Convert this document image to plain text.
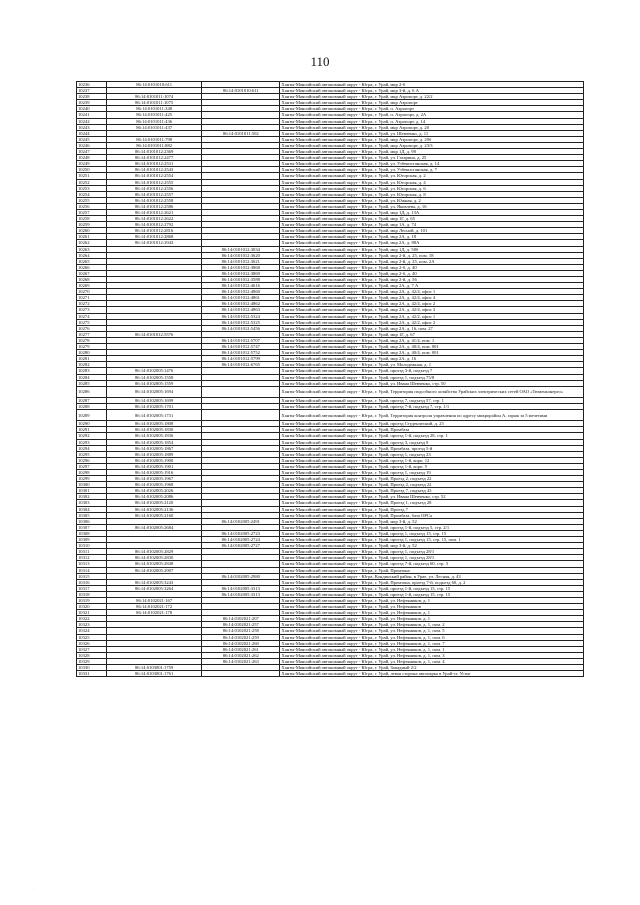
110
10236	86:14:0101010:611		Ханты-Мансийский автономный округ - Югра, г. Урай, мкр 2-б
10237		86:14:0101010:611	Ханты-Мансийский автономный округ - Югра, г. Урай, мкр 3-й, д. 6 А
10238	86:14:0101011:1074		Ханты-Мансийский автономный округ - Югра, г. Урай, мкр Аэропорт, д. 22/2
10239	86:14:0101011:1075		Ханты-Мансийский автономный округ - Югра, г. Урай, мкр Аэропорт
10240	86:14:0101011:348		Ханты-Мансийский автономный округ - Югра, г. Урай, п. Аэропорт
10241	86:14:0101011:425		Ханты-Мансийский автономный округ - Югра, г. Урай, п. Аэропорт, д. 2А
10242	86:14:0101011:436		Ханты-Мансийский автономный округ - Югра, г. Урай, п. Аэропорт, д. 14
10243	86:14:0101011:437		Ханты-Мансийский автономный округ - Югра, г. Урай, мкр Аэропорт, д. 20
10244		86:14:0101011:502	Ханты-Мансийский автономный округ - Югра, г. Урай, ул. Шевченко, д. 11
10245	86:14:0101011:798		Ханты-Мансийский автономный округ - Югра, г. Урай, мкр Аэропорт, д. 29б
10246	86:14:0101011:882		Ханты-Мансийский автономный округ - Югра, г. Урай, мкр Аэропорт, д. 23/3
10247	86:14:0101012:2369		Ханты-Мансийский автономный округ - Югра, г. Урай, мкр 1Д, д. 98
10248	86:14:0101012:2477		Ханты-Мансийский автономный округ - Югра, г. Урай, ул. Гагарина, д. 25
10249	86:14:0101012:2531		Ханты-Мансийский автономный округ - Югра, г. Урай, ул. Узбекистанская, д. 14
10250	86:14:0101012:2543		Ханты-Мансийский автономный округ - Югра, г. Урай, ул. Узбекистанская, д. 7
10251	86:14:0101012:2554		Ханты-Мансийский автономный округ - Югра, г. Урай, ул. Югорская, д. 2
10252	86:14:0101012:2555		Ханты-Мансийский автономный округ - Югра, г. Урай, ул. Югорская, д. 4
10253	86:14:0101012:2556		Ханты-Мансийский автономный округ - Югра, г. Урай, ул. Югорская, д. 6
10254	86:14:0101012:2557		Ханты-Мансийский автономный округ - Югра, г. Урай, ул. Югорская, д. 8
10255	86:14:0101012:2558		Ханты-Мансийский автономный округ - Югра, г. Урай, ул. Южная, д. 2
10256	86:14:0101012:2586		Ханты-Мансийский автономный округ - Югра, г. Урай, ул. Яковлева, д. 16
10257	86:14:0101012:2621		Ханты-Мансийский автономный округ - Югра, г. Урай, мкр 1Д, д. 13А
10258	86:14:0101012:2622		Ханты-Мансийский автономный округ - Югра, г. Урай, мкр 1Г, д. 65
10259	86:14:0101012:2792		Ханты-Мансийский автономный округ - Югра, г. Урай, мкр 1А, д. 74
10260	86:14:0101012:2816		Ханты-Мансийский автономный округ - Югра, г. Урай, мкр Лесной, д. 101
10261	86:14:0101012:2868		Ханты-Мансийский автономный округ - Югра, г. Урай, мкр 2А, д. 18
10262	86:14:0101012:2943		Ханты-Мансийский автономный округ - Югра, г. Урай, мкр 2А, д. 88А
10263		86:14:0101012:3034	Ханты-Мансийский автономный округ - Югра, г. Урай, мкр 1Д, д. 58б
10264		86:14:0101012:3620	Ханты-Мансийский автономный округ - Югра, г. Урай, мкр 2-й, д. 25, пом. 18
10265		86:14:0101012:3621	Ханты-Мансийский автономный округ - Югра, г. Урай, мкр 2-й, д. 25, пом. 2А
10266		86:14:0101012:3868	Ханты-Мансийский автономный округ - Югра, г. Урай, мкр 2-б, д. 40
10267		86:14:0101012:3869	Ханты-Мансийский автономный округ - Югра, г. Урай, мкр 2-б, д. 40
10268		86:14:0101012:3588	Ханты-Мансийский автономный округ - Югра, г. Урай, мкр 2-й, д. 56
10269		86:14:0101012:4616	Ханты-Мансийский автономный округ - Югра, г. Урай, мкр 2А, д. 7 А
10270		86:14:0101012:4860	Ханты-Мансийский автономный округ - Югра, г. Урай, мкр 2А, д. 42/4, офис 1
10271		86:14:0101012:4861	Ханты-Мансийский автономный округ - Югра, г. Урай, мкр 2А, д. 42/4, офис 4
10272		86:14:0101012:4862	Ханты-Мансийский автономный округ - Югра, г. Урай, мкр 2А, д. 42/4, офис 2
10273		86:14:0101012:4863	Ханты-Мансийский автономный округ - Югра, г. Урай, мкр 2А, д. 42/4, офис 3
10274		86:14:0101012:5324	Ханты-Мансийский автономный округ - Югра, г. Урай, мкр 2А, д. 42/2, офис 1
10275		86:14:0101012:5325	Ханты-Мансийский автономный округ - Югра, г. Урай, мкр 2А, д. 42/2, офис 2
10276		86:14:0101012:5456	Ханты-Мансийский автономный округ - Югра, г. Урай, мкр 2А, д. 16, пом. 27
10277	86:14:0101012:5576		Ханты-Мансийский автономный округ - Югра, г. Урай, мкр 1Г, д. 67
10278		86:14:0101012:5707	Ханты-Мансийский автономный округ - Югра, г. Урай, мкр 2А, д. 41/4, пом. 1
10279		86:14:0101012:5747	Ханты-Мансийский автономный округ - Югра, г. Урай, мкр 2А, д. 40/4, пом. 001
10280		86:14:0101012:5752	Ханты-Мансийский автономный округ - Югра, г. Урай, мкр 2А, д. 40/4, пом. 001
10281		86:14:0101012:5799	Ханты-Мансийский автономный округ - Югра, г. Урай, мкр 2А, д. 16
10282		86:14:0101012:6765	Ханты-Мансийский автономный округ - Югра, г. Урай, ул. Молодежная, д. 1
10283	86:14:0102005:1476		Ханты-Мансийский автономный округ - Югра, г. Урай, проезд 3-й, подъезд 7
10284	86:14:0102005:1558		Ханты-Мансийский автономный округ - Югра, г. Урай, проезд 1, подъезд 75/8
10285	86:14:0102005:1559		Ханты-Мансийский автономный округ - Югра, г. Урай, ул. Ивана Шевченко, стр. 50
10286	86:14:0102005:1694		Ханты-Мансийский автономный округ - Югра, г. Урай, Территория подсобного хозяйства Урайских электрических сетей ОАО «Тюменьэнерго»
10287	86:14:0102005:1699		Ханты-Мансийский автономный округ - Югра, г. Урай, проезд 7, подъезд 57, стр. 1
10288	86:14:0102005:1701		Ханты-Мансийский автономный округ - Югра, г. Урай, проезд 7-й, подъезд 7, стр. 1/1
10289	86:14:0102005:1731		Ханты-Мансийский автономный округ - Югра, г. Урай, Территория контроля управления по адресу микрорайон А, гараж за 5 мечетями
10290	86:14:0102005:1808		Ханты-Мансийский автономный округ - Югра, г. Урай, проезд Студенческий, д. 25
10291	86:14:0102005:1830		Ханты-Мансийский автономный округ - Югра, г. Урай, Промбаза
10292	86:14:0102005:1836		Ханты-Мансийский автономный округ - Югра, г. Урай, проезд 1-й, подъезд 28, стр. 1
10293	86:14:0102005:1854		Ханты-Мансийский автономный округ - Югра, г. Урай, проезд 3, подъезд 9
10294	86:14:0102005:1867		Ханты-Мансийский автономный округ - Югра, г. Урай, Промбаза, проезд 5-й
10295	86:14:0102005:1889		Ханты-Мансийский автономный округ - Югра, г. Урай, проезд 1, подъезд 23
10296	86:14:0102005:1900		Ханты-Мансийский автономный округ - Югра, г. Урай, проезд 1-й, корп. 12
10297	86:14:0102005:1901		Ханты-Мансийский автономный округ - Югра, г. Урай, проезд 1-й, корп. 5
10298	86:14:0102005:1916		Ханты-Мансийский автономный округ - Югра, г. Урай, проезд 1, подъезд 19
10299	86:14:0102005:1967		Ханты-Мансийский автономный округ - Югра, г. Урай, Проезд 2, подъезд 22
10300	86:14:0102005:1968		Ханты-Мансийский автономный округ - Югра, г. Урай, Проезд 2, подъезд 22
10301	86:14:0102005:2026		Ханты-Мансийский автономный округ - Югра, г. Урай, Проезд 7, подъезд 43
10302	86:14:0102005:2086		Ханты-Мансийский автономный округ - Югра, г. Урай, ул. Ивана Шевченко, стр. 52
10303	86:14:0102005:2120		Ханты-Мансийский автономный округ - Югра, г. Урай, Проезд 1, подъезд 28
10304	86:14:0102005:2136		Ханты-Мансийский автономный округ - Югра, г. Урай, Проезд 7
10305	86:14:0102005:2160		Ханты-Мансийский автономный округ - Югра, г. Урай, Промбаза, база ОРСа
10306		86:14:0102005:2491	Ханты-Мансийский автономный округ - Югра, г. Урай, мкр 3-й, д. 52
10307	86:14:0102005:2684		Ханты-Мансийский автономный округ - Югра, г. Урай, проезд 1-й, подъезд 5, стр. 2/1
10308		86:14:0102005:2723	Ханты-Мансийский автономный округ - Югра, г. Урай, проезд 1, подъезд 15, стр. 15
10309		86:14:0102005:2724	Ханты-Мансийский автономный округ - Югра, г. Урай, проезд 1, подъезд 15, стр. 15, пом. 1
10310		86:14:0102005:2727	Ханты-Мансийский автономный округ - Югра, г. Урай, мкр 3-й, д. 52
10311	86:14:0102005:2829		Ханты-Мансийский автономный округ - Югра, г. Урай, проезд 1, подъезд 28/1
10312	86:14:0102005:2830		Ханты-Мансийский автономный округ - Югра, г. Урай, проезд 1, подъезд 28/1
10313	86:14:0102005:2848		Ханты-Мансийский автономный округ - Югра, г. Урай, проезд 7-й, подъезд 60, стр. 3
10314	86:14:0102005:2907		Ханты-Мансийский автономный округ - Югра, г. Урай, Промзона
10315		86:14:0102005:2980	Ханты-Мансийский автономный округ - Югра, Кондинский район, в Урае, ул. Лесная, д. 43
10316	86:14:0102005:3243		Ханты-Мансийский автономный округ - Югра, г. Урай, Промзона, проезд 7-й, подъезд 60, д. 2
10317	86:14:0102005:3264	86:14:0102005:3313	Ханты-Мансийский автономный округ - Югра, г. Урай, проезд 1-й, подъезд 15, стр. 15
10318		86:14:0102005:3313	Ханты-Мансийский автономный округ - Югра, г. Урай, проезд 1-й, подъезд 15, стр. 15
10319	86:14:0102021:167		Ханты-Мансийский автономный округ - Югра, г. Урай, ул. Нефтяников, д. 1
10320	86:14:0102021:172		Ханты-Мансийский автономный округ - Югра, г. Урай, ул. Нефтяников
10321	86:14:0102021:178		Ханты-Мансийский автономный округ - Югра, г. Урай, ул. Нефтяников, д. 1
10322		86:14:0102021:207	Ханты-Мансийский автономный округ - Югра, г. Урай, ул. Нефтяников, д. 1
10323		86:14:0102021:257	Ханты-Мансийский автономный округ - Югра, г. Урай, ул. Нефтяников, д. 1, пом. 2
10324		86:14:0102021:258	Ханты-Мансийский автономный округ - Югра, г. Урай, ул. Нефтяников, д. 1, пом. 5
10325		86:14:0102021:259	Ханты-Мансийский автономный округ - Югра, г. Урай, ул. Нефтяников, д. 1, пом. 6
10326		86:14:0102021:260	Ханты-Мансийский автономный округ - Югра, г. Урай, ул. Нефтяников, д. 1, пом. 7
10327		86:14:0102021:261	Ханты-Мансийский автономный округ - Югра, г. Урай, ул. Нефтяников, д. 1, пом. 1
10328		86:14:0102021:262	Ханты-Мансийский автономный округ - Югра, г. Урай, ул. Нефтяников, д. 1, пом. 3
10329		86:14:0102021:263	Ханты-Мансийский автономный округ - Югра, г. Урай, ул. Нефтяников, д. 1, пом. 4
10330	86:14:0103001:1759		Ханты-Мансийский автономный округ - Югра, г. Урай, Западный 2/2
10331	86:14:0103001:1761		Ханты-Мансийский автономный округ - Югра, г. Урай, левая сторона автопарка в Урай-ст. Устье
...
